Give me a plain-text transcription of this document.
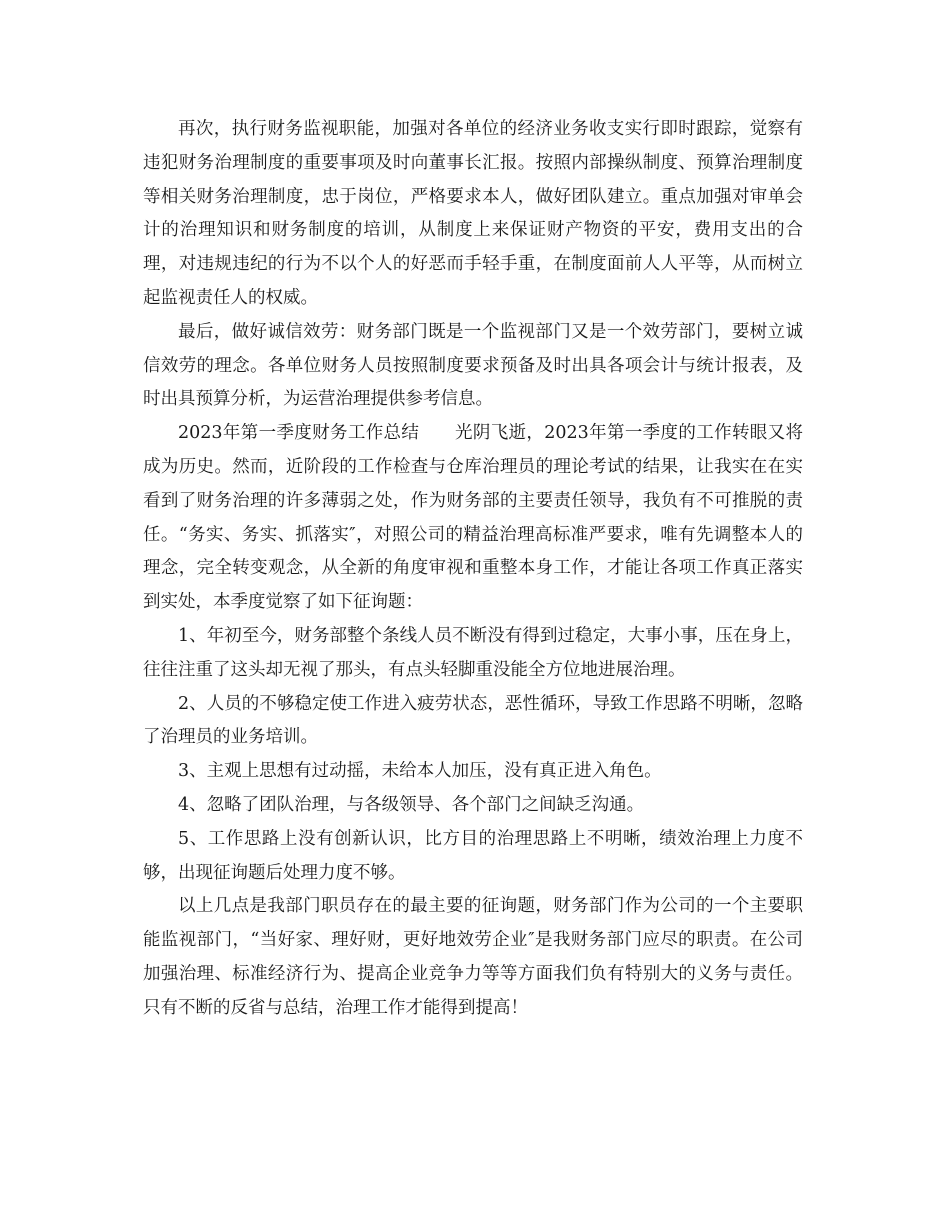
再次，执行财务监视职能，加强对各单位的经济业务收支实行即时跟踪，觉察有违犯财务治理制度的重要事项及时向董事长汇报。按照内部操纵制度、预算治理制度等相关财务治理制度，忠于岗位，严格要求本人，做好团队建立。重点加强对审单会计的治理知识和财务制度的培训，从制度上来保证财产物资的平安，费用支出的合理，对违规违纪的行为不以个人的好恶而手轻手重，在制度面前人人平等，从而树立起监视责任人的权威。

最后，做好诚信效劳：财务部门既是一个监视部门又是一个效劳部门，要树立诚信效劳的理念。各单位财务人员按照制度要求预备及时出具各项会计与统计报表，及时出具预算分析，为运营治理提供参考信息。

2023年第一季度财务工作总结　　 光阴飞逝，2023年第一季度的工作转眼又将成为历史。然而，近阶段的工作检查与仓库治理员的理论考试的结果，让我实在在实看到了财务治理的许多薄弱之处，作为财务部的主要责任领导，我负有不可推脱的责任。“务实、务实、抓落实″，对照公司的精益治理高标准严要求，唯有先调整本人的理念，完全转变观念，从全新的角度审视和重整本身工作，才能让各项工作真正落实到实处，本季度觉察了如下征询题：

1、年初至今，财务部整个条线人员不断没有得到过稳定，大事小事，压在身上，往往注重了这头却无视了那头，有点头轻脚重没能全方位地进展治理。

2、人员的不够稳定使工作进入疲劳状态，恶性循环，导致工作思路不明晰，忽略了治理员的业务培训。

3、主观上思想有过动摇，未给本人加压，没有真正进入角色。

4、忽略了团队治理，与各级领导、各个部门之间缺乏沟通。

5、工作思路上没有创新认识，比方目的治理思路上不明晰，绩效治理上力度不够，出现征询题后处理力度不够。

以上几点是我部门职员存在的最主要的征询题，财务部门作为公司的一个主要职能监视部门，“当好家、理好财，更好地效劳企业″是我财务部门应尽的职责。在公司加强治理、标准经济行为、提高企业竞争力等等方面我们负有特别大的义务与责任。只有不断的反省与总结，治理工作才能得到提高！
